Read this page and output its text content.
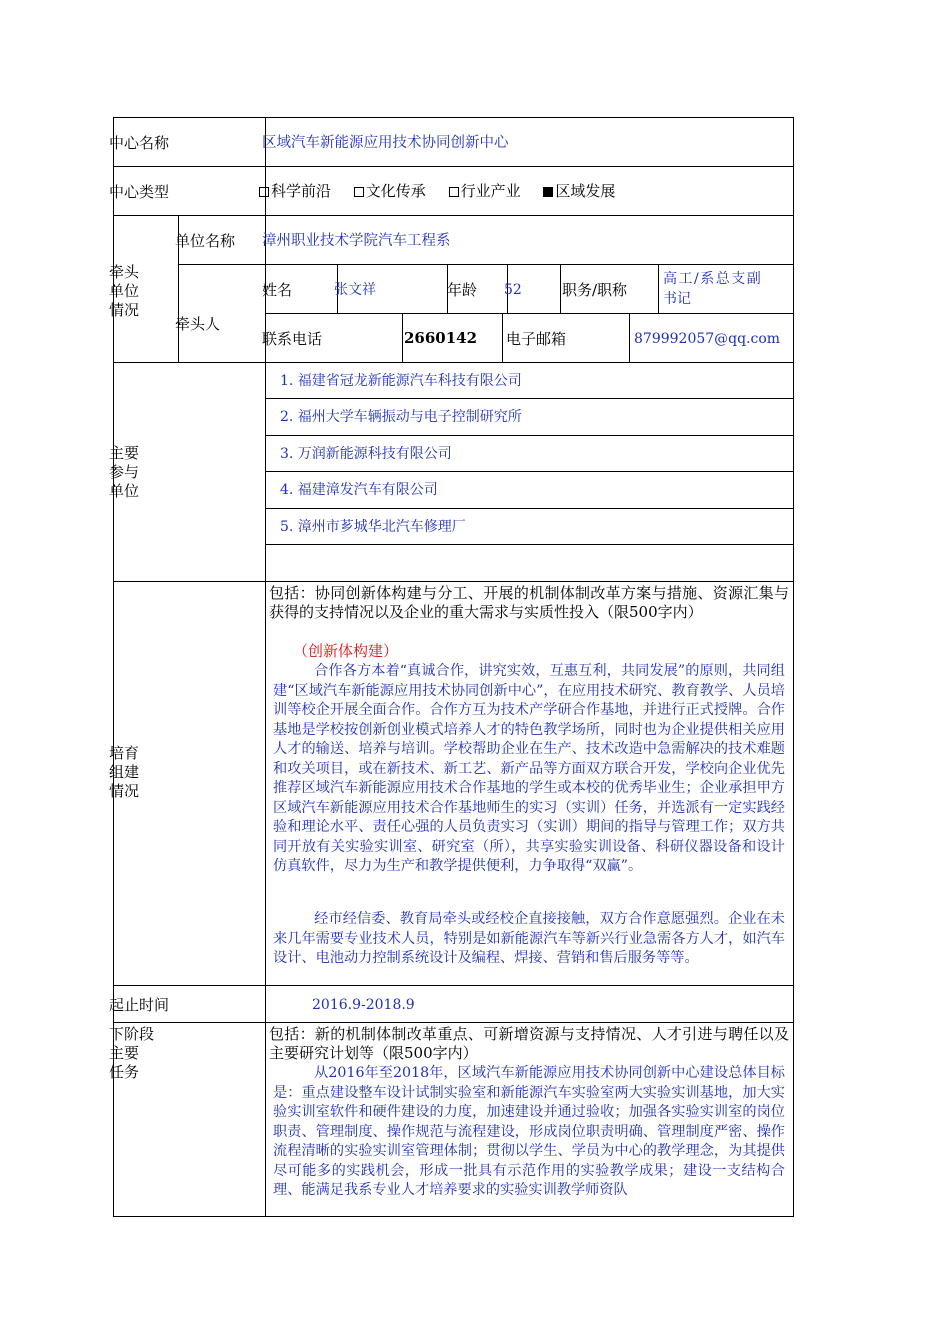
中心名称	区域汽车新能源应用技术协同创新中心
中心类型	科学前沿 文化传承 行业产业 区域发展
牵头
单位
情况
单位名称 漳州职业技术学院汽车工程系
牵头人
姓名	张文祥	年龄 52	职务/职称
高工/系总支副
书记
联系电话	2660142 电子邮箱	879992057@qq.com
主要
参与
单位
1. 福建省冠龙新能源汽车科技有限公司
2. 福州大学车辆振动与电子控制研究所
3. 万润新能源科技有限公司
4. 福建漳发汽车有限公司
5. 漳州市芗城华北汽车修理厂
培育
组建
情况
包括：协同创新体构建与分工、开展的机制体制改革方案与措施、资源汇集与获得的支持情况以及企业的重大需求与实质性投入（限500字内）
（创新体构建）
合作各方本着“真诚合作，讲究实效，互惠互利，共同发展”的原则，共同组建“区域汽车新能源应用技术协同创新中心”，在应用技术研究、教育教学、人员培训等校企开展全面合作。合作方互为技术产学研合作基地，并进行正式授牌。合作基地是学校按创新创业模式培养人才的特色教学场所，同时也为企业提供相关应用人才的输送、培养与培训。学校帮助企业在生产、技术改造中急需解决的技术难题和攻关项目，或在新技术、新工艺、新产品等方面双方联合开发，学校向企业优先推荐区域汽车新能源应用技术合作基地的学生或本校的优秀毕业生；企业承担甲方区域汽车新能源应用技术合作基地师生的实习（实训）任务，并选派有一定实践经验和理论水平、责任心强的人员负责实习（实训）期间的指导与管理工作；双方共同开放有关实验实训室、研究室（所），共享实验实训设备、科研仪器设备和设计仿真软件，尽力为生产和教学提供便利，力争取得“双赢”。
经市经信委、教育局牵头或经校企直接接触，双方合作意愿强烈。企业在未来几年需要专业技术人员，特别是如新能源汽车等新兴行业急需各方人才，如汽车设计、电池动力控制系统设计及编程、焊接、营销和售后服务等等。
起止时间	2016.9-2018.9
下阶段
主要
任务
包括：新的机制体制改革重点、可新增资源与支持情况、人才引进与聘任以及主要研究计划等（限500字内）
从2016年至2018年，区域汽车新能源应用技术协同创新中心建设总体目标是：重点建设整车设计试制实验室和新能源汽车实验室两大实验实训基地，加大实验实训室软件和硬件建设的力度，加速建设并通过验收；加强各实验实训室的岗位职责、管理制度、操作规范与流程建设，形成岗位职责明确、管理制度严密、操作流程清晰的实验实训室管理体制；贯彻以学生、学员为中心的教学理念，为其提供尽可能多的实践机会，形成一批具有示范作用的实验教学成果；建设一支结构合理、能满足我系专业人才培养要求的实验实训教学师资队
